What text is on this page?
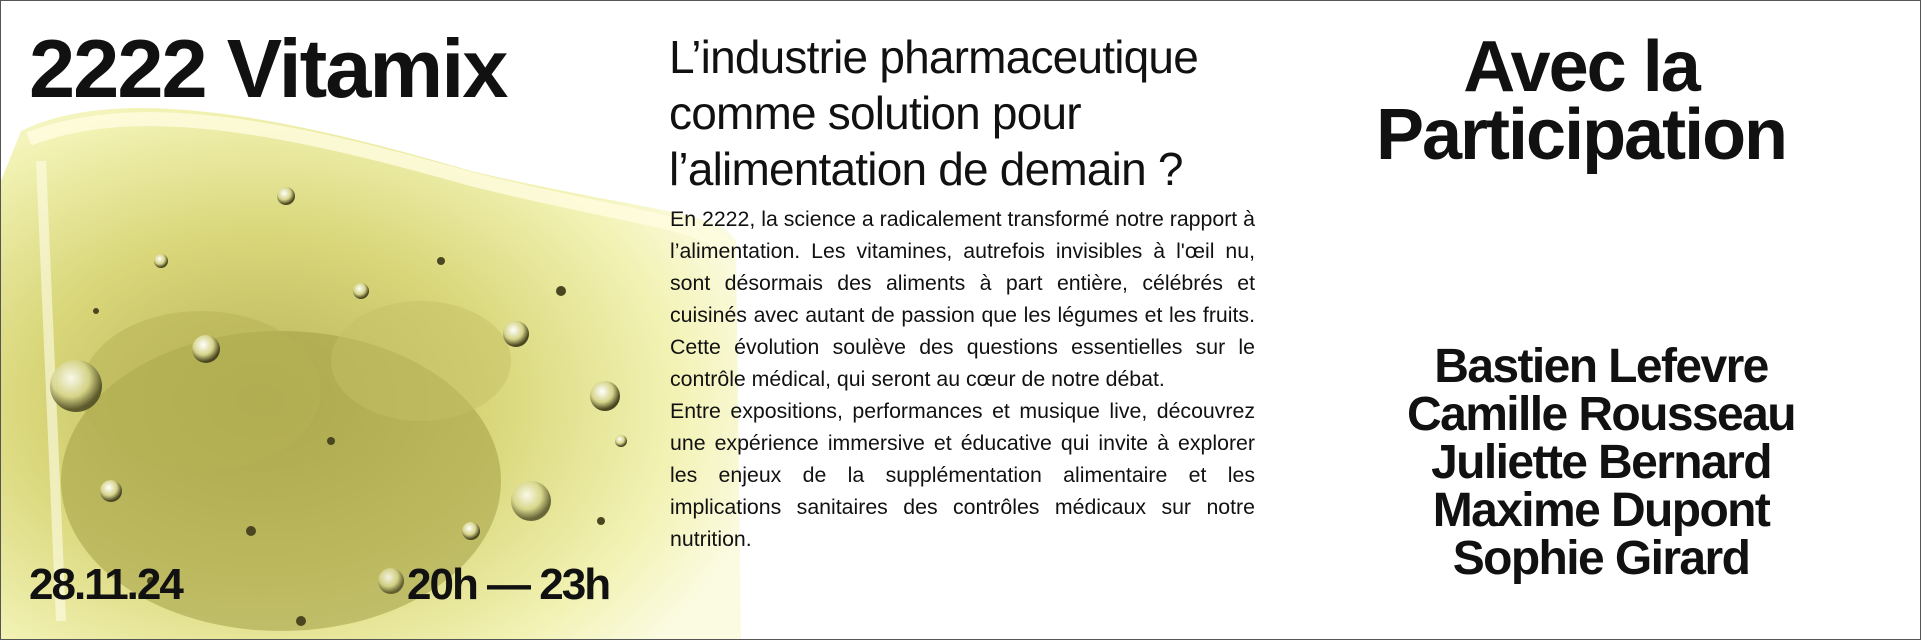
2222 Vitamix
28.11.24	20h — 23h
L’industrie pharmaceutique comme solution pour l’alimentation de demain ?

En 2222, la science a radicalement transformé notre rapport à l’alimentation. Les vitamines, autrefois invisibles à l'œil nu, sont désormais des aliments à part entière, célébrés et cuisinés avec autant de passion que les légumes et les fruits. Cette évolution soulève des questions essentielles sur le contrôle médical, qui seront au cœur de notre débat.

Entre expositions, performances et musique live, découvrez une expérience immersive et éducative qui invite à explorer les enjeux de la supplémentation alimentaire et les implications sanitaires des contrôles médicaux sur notre nutrition.

Avec la Participation
Bastien Lefevre
Camille Rousseau
Juliette Bernard
Maxime Dupont
Sophie Girard
